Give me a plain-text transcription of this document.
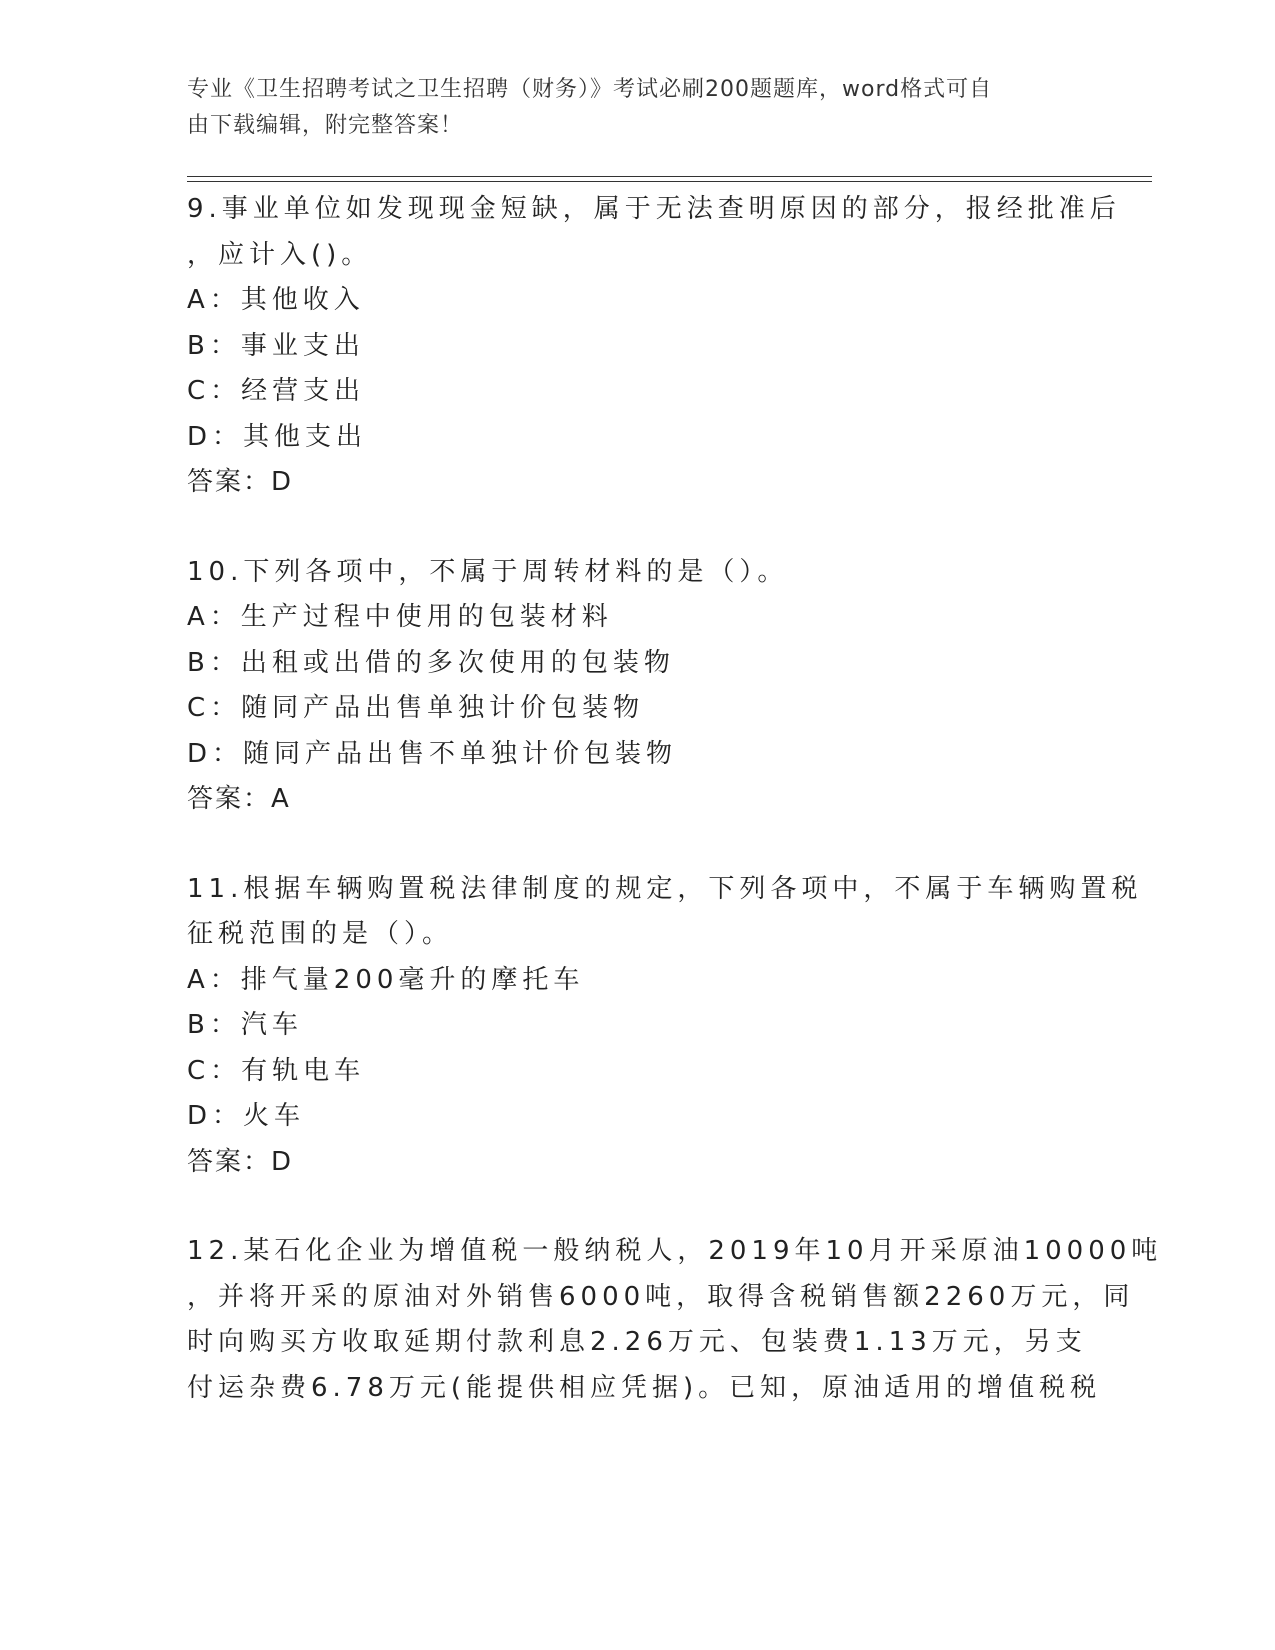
专业《卫生招聘考试之卫生招聘（财务）》考试必刷200题题库，word格式可自
由下载编辑，附完整答案！
9.事业单位如发现现金短缺，属于无法查明原因的部分，报经批准后
，应计入()。
A：其他收入
B：事业支出
C：经营支出
D：其他支出
答案：D
10.下列各项中，不属于周转材料的是（）。
A：生产过程中使用的包装材料
B：出租或出借的多次使用的包装物
C：随同产品出售单独计价包装物
D：随同产品出售不单独计价包装物
答案：A
11.根据车辆购置税法律制度的规定，下列各项中，不属于车辆购置税
征税范围的是（）。
A：排气量200毫升的摩托车
B：汽车
C：有轨电车
D：火车
答案：D
12.某石化企业为增值税一般纳税人，2019年10月开采原油10000吨
，并将开采的原油对外销售6000吨，取得含税销售额2260万元，同
时向购买方收取延期付款利息2.26万元、包装费1.13万元，另支
付运杂费6.78万元(能提供相应凭据)。已知，原油适用的增值税税
